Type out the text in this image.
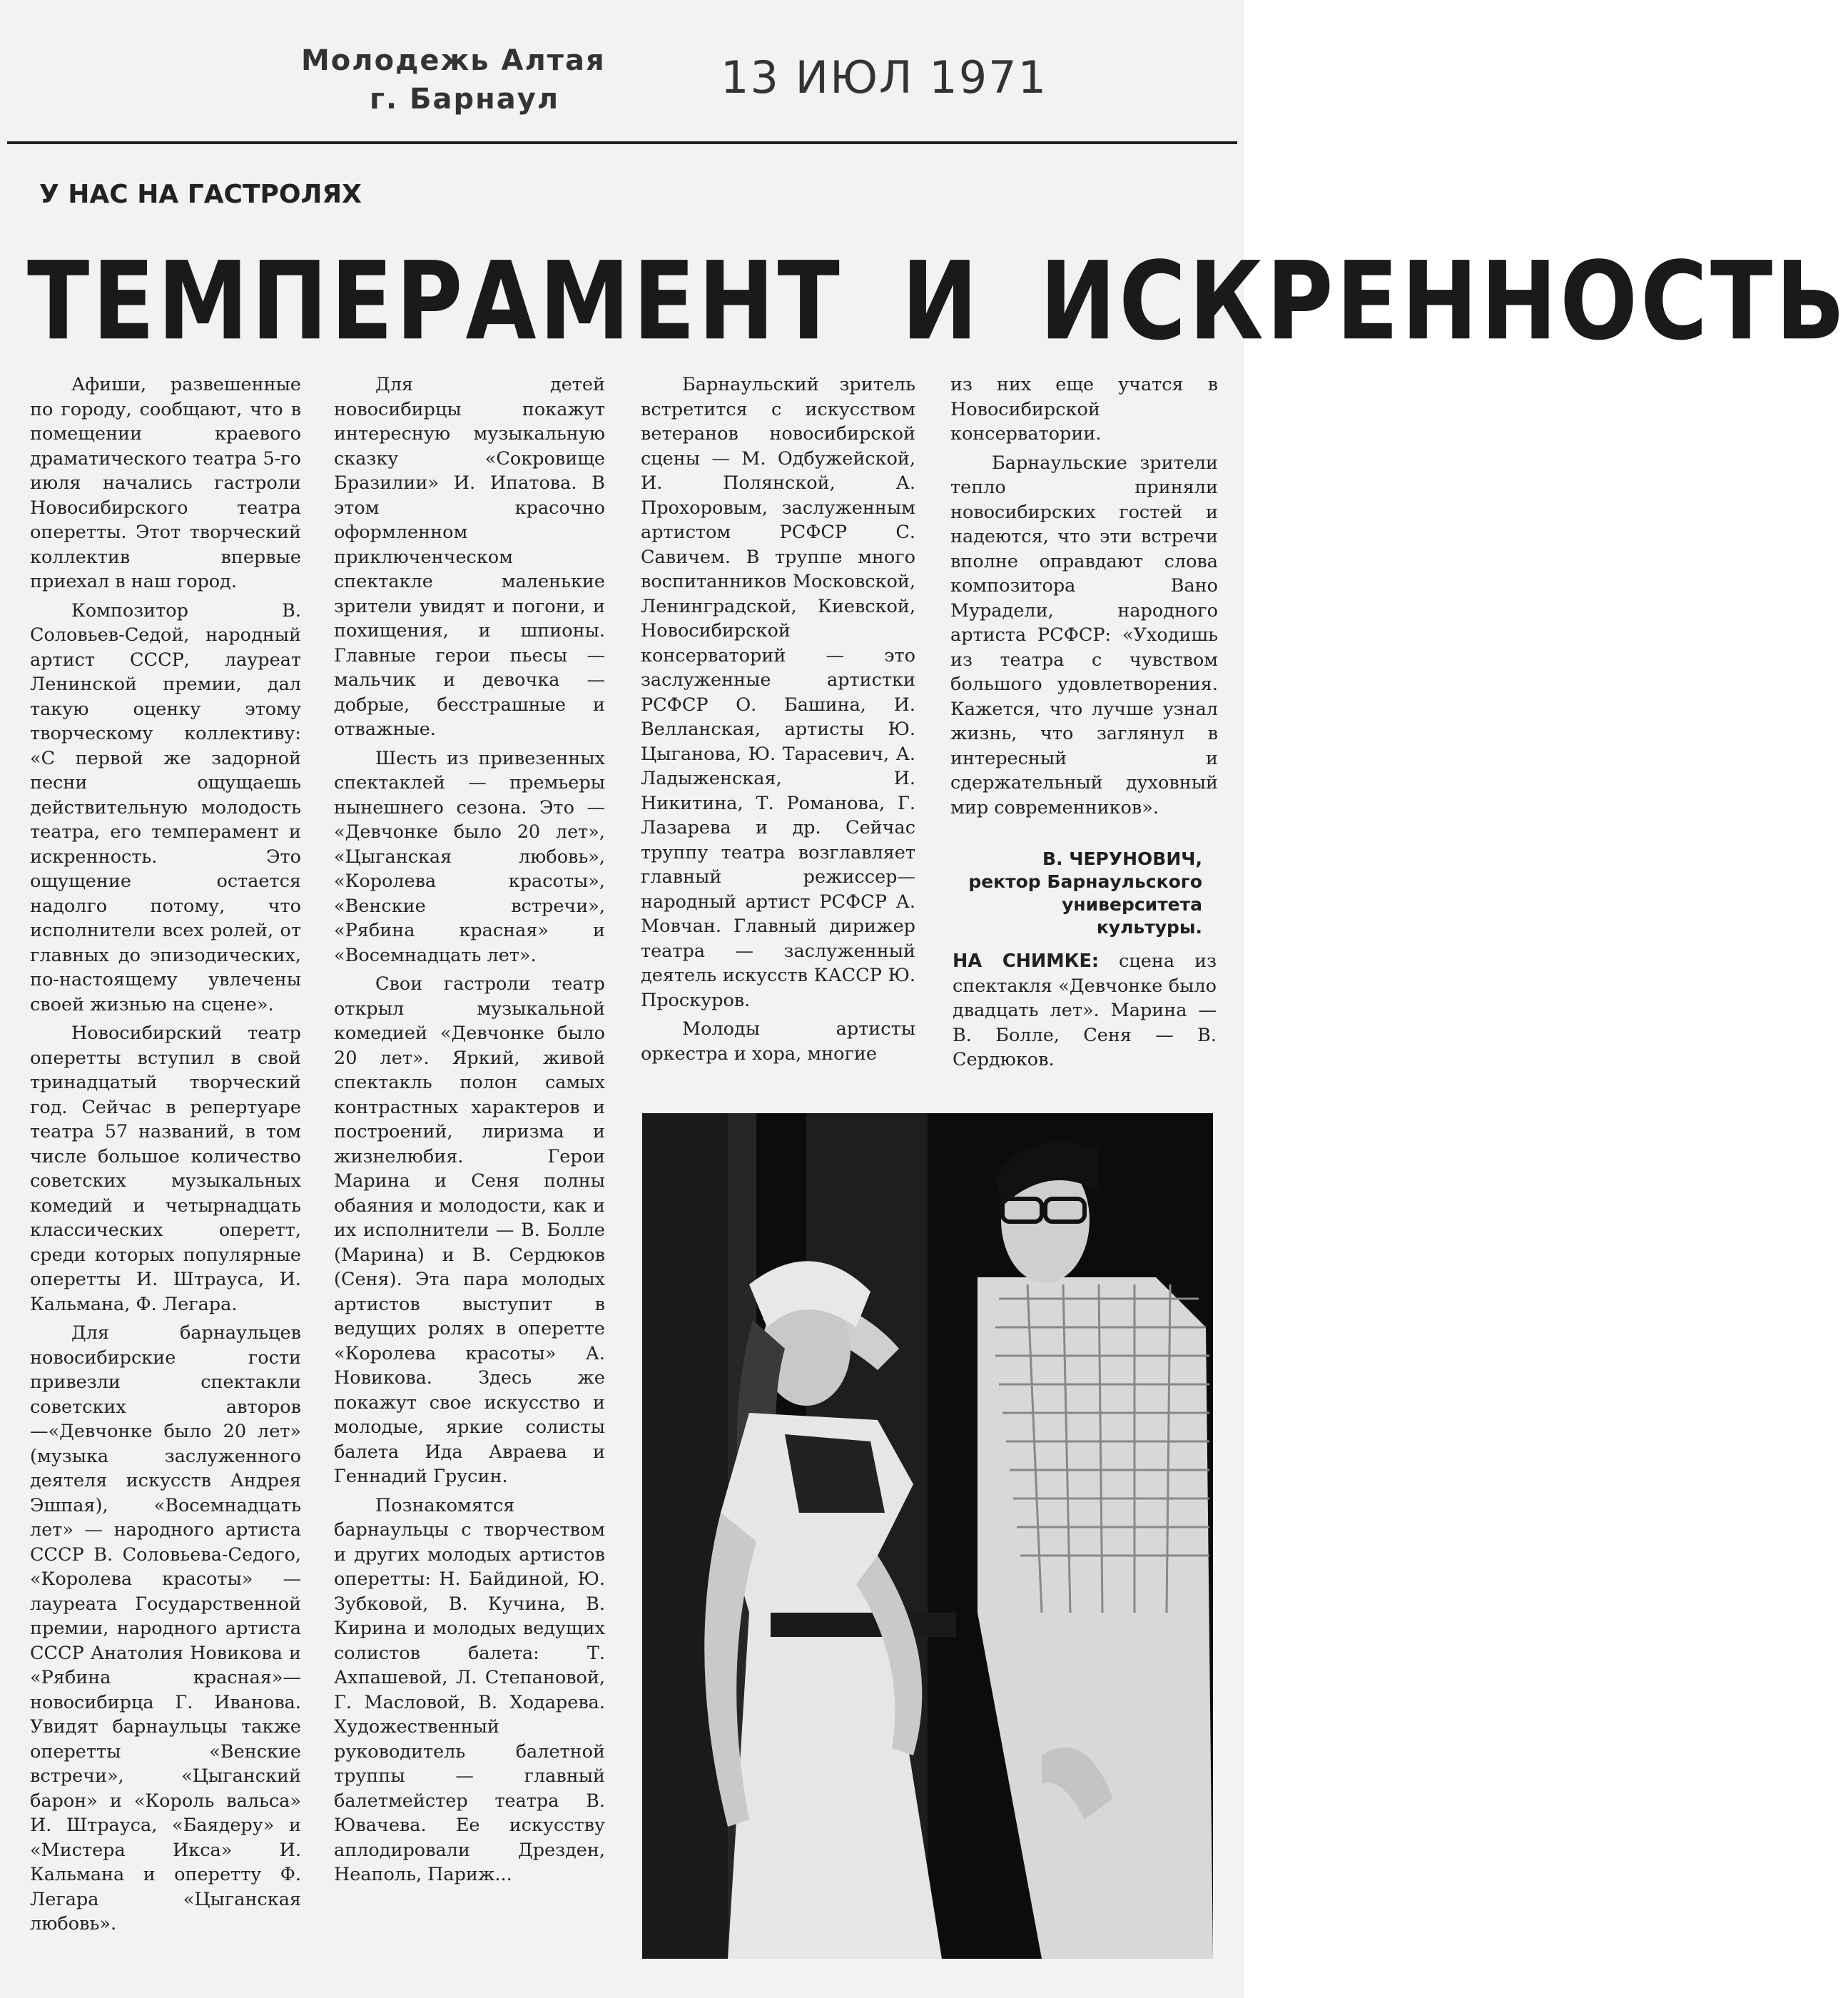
Молодежь Алтая
г. Барнаул	13 ИЮЛ 1971
У НАС НА ГАСТРОЛЯХ
ТЕМПЕРАМЕНТ И ИСКРЕННОСТЬ

Афиши, развешенные по городу, сообщают, что в помещении краевого драматического театра 5-го июля начались гастроли Новосибирского театра оперетты. Этот творческий коллектив впервые приехал в наш город.

Композитор В. Соловьев-Седой, народный артист СССР, лауреат Ленинской премии, дал такую оценку этому творческому коллективу: «С первой же задорной песни ощущаешь действительную молодость театра, его темперамент и искренность. Это ощущение остается надолго потому, что исполнители всех ролей, от главных до эпизодических, по-настоящему увлечены своей жизнью на сцене».

Новосибирский театр оперетты вступил в свой тринадцатый творческий год. Сейчас в репертуаре театра 57 названий, в том числе большое количество советских музыкальных комедий и четырнадцать классических оперетт, среди которых популярные оперетты И. Штрауса, И. Кальмана, Ф. Легара.

Для барнаульцев новосибирские гости привезли спектакли советских авторов—«Девчонке было 20 лет» (музыка заслуженного деятеля искусств Андрея Эшпая), «Восемнадцать лет» — народного артиста СССР В. Соловьева-Седого, «Королева красоты» — лауреата Государственной премии, народного артиста СССР Анатолия Новикова и «Рябина красная»— новосибирца Г. Иванова. Увидят барнаульцы также оперетты «Венские встречи», «Цыганский барон» и «Король вальса» И. Штрауса, «Баядеру» и «Мистера Икса» И. Кальмана и оперетту Ф. Легара «Цыганская любовь».

Для детей новосибирцы покажут интересную музыкальную сказку «Сокровище Бразилии» И. Ипатова. В этом красочно оформленном приключенческом спектакле маленькие зрители увидят и погони, и похищения, и шпионы. Главные герои пьесы — мальчик и девочка — добрые, бесстрашные и отважные.

Шесть из привезенных спектаклей — премьеры нынешнего сезона. Это — «Девчонке было 20 лет», «Цыганская любовь», «Королева красоты», «Венские встречи», «Рябина красная» и «Восемнадцать лет».

Свои гастроли театр открыл музыкальной комедией «Девчонке было 20 лет». Яркий, живой спектакль полон самых контрастных характеров и построений, лиризма и жизнелюбия. Герои Марина и Сеня полны обаяния и молодости, как и их исполнители — В. Болле (Марина) и В. Сердюков (Сеня). Эта пара молодых артистов выступит в ведущих ролях в оперетте «Королева красоты» А. Новикова. Здесь же покажут свое искусство и молодые, яркие солисты балета Ида Авраева и Геннадий Грусин.

Познакомятся барнаульцы с творчеством и других молодых артистов оперетты: Н. Байдиной, Ю. Зубковой, В. Кучина, В. Кирина и молодых ведущих солистов балета: Т. Ахпашевой, Л. Степановой, Г. Масловой, В. Ходарева. Художественный руководитель балетной труппы — главный балетмейстер театра В. Ювачева. Ее искусству аплодировали Дрезден, Неаполь, Париж...

Барнаульский зритель встретится с искусством ветеранов новосибирской сцены — М. Одбужейской, И. Полянской, А. Прохоровым, заслуженным артистом РСФСР С. Савичем. В труппе много воспитанников Московской, Ленинградской, Киевской, Новосибирской консерваторий — это заслуженные артистки РСФСР О. Башина, И. Велланская, артисты Ю. Цыганова, Ю. Тарасевич, А. Ладыженская, И. Никитина, Т. Романова, Г. Лазарева и др. Сейчас труппу театра возглавляет главный режиссер— народный артист РСФСР А. Мовчан. Главный дирижер театра — заслуженный деятель искусств КАССР Ю. Проскуров.

Молоды артисты оркестра и хора, многие

из них еще учатся в Новосибирской консерватории.

Барнаульские зрители тепло приняли новосибирских гостей и надеются, что эти встречи вполне оправдают слова композитора Вано Мурадели, народного артиста РСФСР: «Уходишь из театра с чувством большого удовлетворения. Кажется, что лучше узнал жизнь, что заглянул в интересный и сдержательный духовный мир современников».

В. ЧЕРУНОВИЧ,
ректор Барнаульского университета культуры.
НА СНИМКЕ: сцена из спектакля «Девчонке было двадцать лет». Марина — В. Болле, Сеня — В. Сердюков.
